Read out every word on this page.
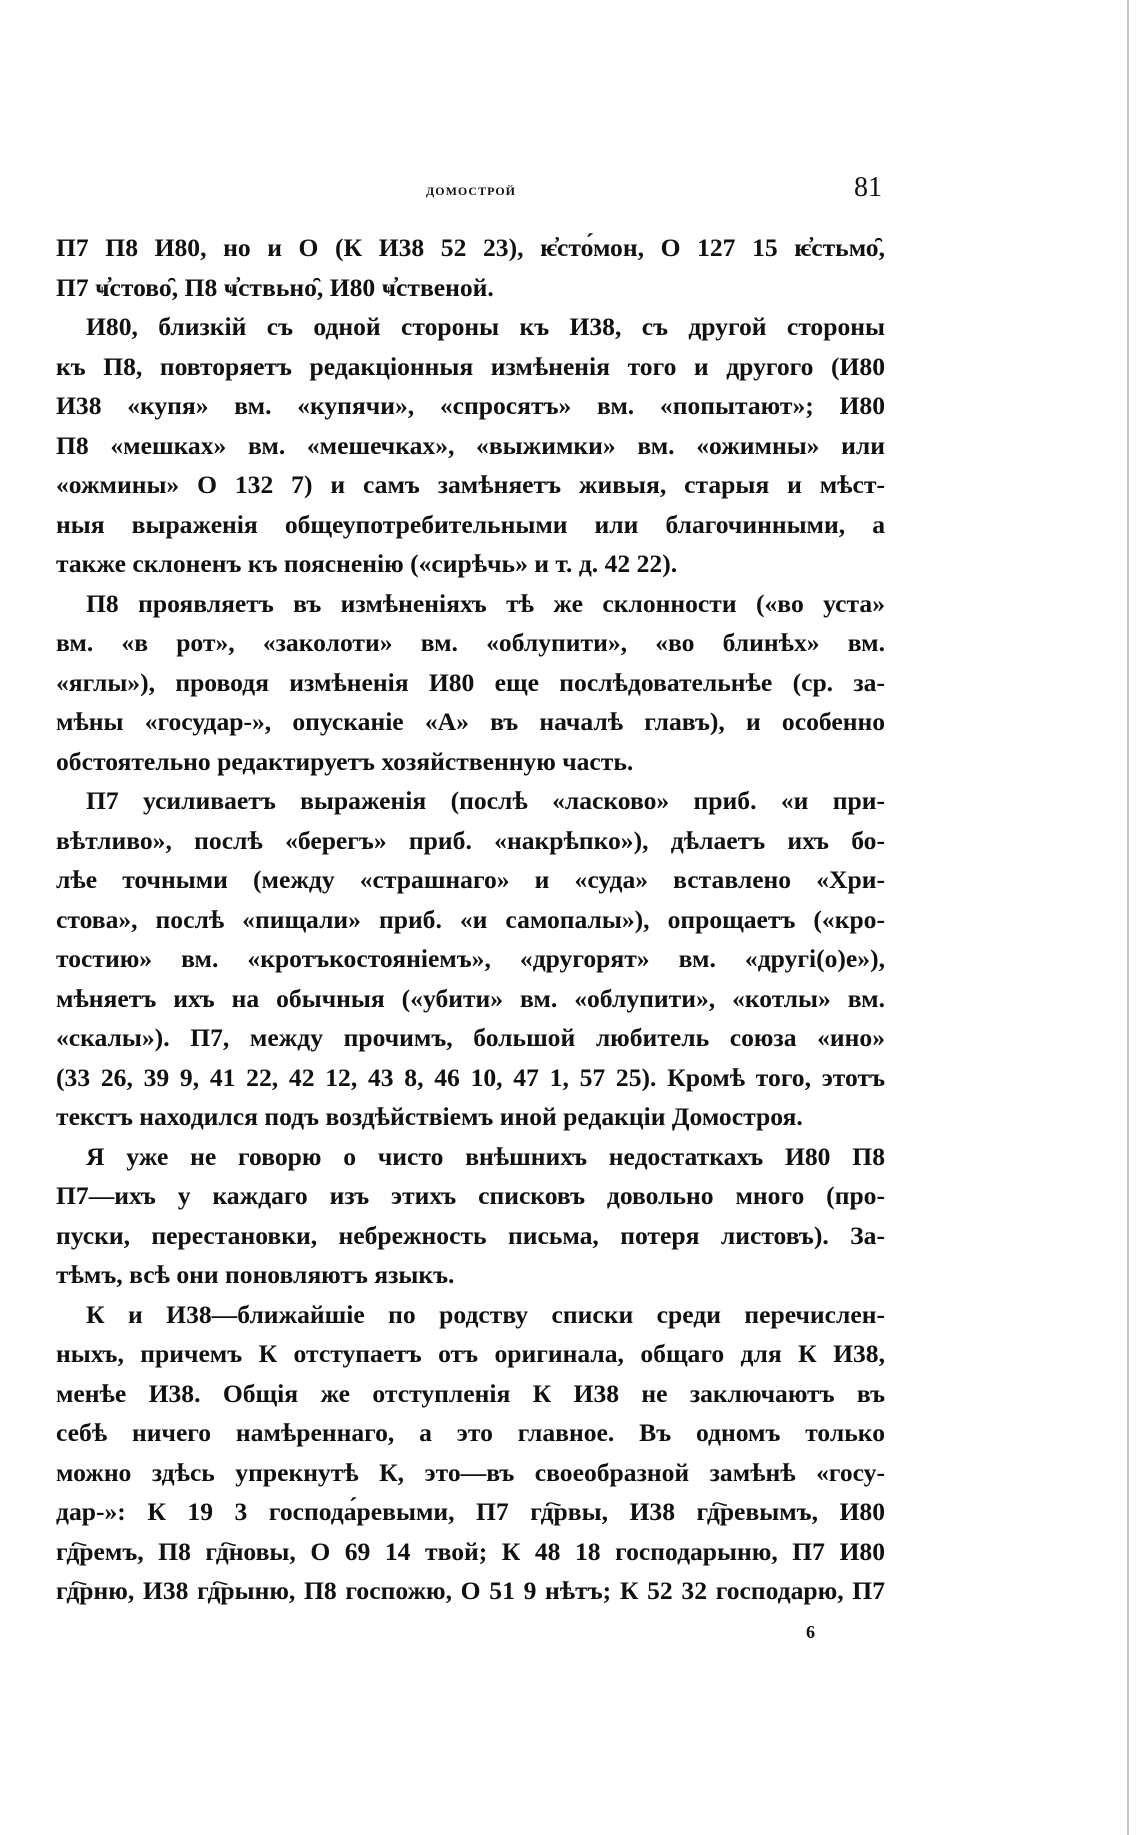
домострой	81
П7 П8 И80, но и О (К И38 52 23), ѥ҆сто́мон, О 127 15 ѥ҆стьмо̑,
П7 ҹ҆стово̑, П8 ҹ҆ствьно̑, И80 ҹ҆ственой.
И80, близкій съ одной стороны къ И38, съ другой стороны
къ П8, повторяетъ редакціонныя измѣненія того и другого (И80
И38 «купя» вм. «купячи», «спросятъ» вм. «попытают»; И80
П8 «мешках» вм. «мешечках», «выжимки» вм. «ожимны» или
«ожмины» О 132 7) и самъ замѣняетъ живыя, старыя и мѣст-
ныя выраженія общеупотребительными или благочинными, а
также склоненъ къ поясненію («сирѣчь» и т. д. 42 22).
П8 проявляетъ въ измѣненіяхъ тѣ же склонности («во уста»
вм. «в рот», «заколоти» вм. «облупити», «во блинѣх» вм.
«яглы»), проводя измѣненія И80 еще послѣдовательнѣе (ср. за-
мѣны «государ-», опусканіе «А» въ началѣ главъ), и особенно
обстоятельно редактируетъ хозяйственную часть.
П7 усиливаетъ выраженія (послѣ «ласково» приб. «и при-
вѣтливо», послѣ «берегъ» приб. «накрѣпко»), дѣлаетъ ихъ бо-
лѣе точными (между «страшнаго» и «суда» вставлено «Хри-
стова», послѣ «пищали» приб. «и самопалы»), опрощаетъ («кро-
тостию» вм. «кротъкостояніемъ», «другорят» вм. «другі(о)е»),
мѣняетъ ихъ на обычныя («убити» вм. «облупити», «котлы» вм.
«скалы»). П7, между прочимъ, большой любитель союза «ино»
(33 26, 39 9, 41 22, 42 12, 43 8, 46 10, 47 1, 57 25). Кромѣ того, этотъ
текстъ находился подъ воздѣйствіемъ иной редакціи Домостроя.
Я уже не говорю о чисто внѣшнихъ недостаткахъ И80 П8
П7—ихъ у каждаго изъ этихъ списковъ довольно много (про-
пуски, перестановки, небрежность письма, потеря листовъ). За-
тѣмъ, всѣ они поновляютъ языкъ.
К и И38—ближайшіе по родству списки среди перечислен-
ныхъ, причемъ К отступаетъ отъ оригинала, общаго для К И38,
менѣе И38. Общія же отступленія К И38 не заключаютъ въ
себѣ ничего намѣреннаго, а это главное. Въ одномъ только
можно здѣсь упрекнутѣ К, это—въ своеобразной замѣнѣ «госу-
дар-»: К 19 3 господа́ревыми, П7 гд҇рвы, И38 гд҇ревымъ, И80
гд҇ремъ, П8 гд҇новы, О 69 14 твой; К 48 18 господарыню, П7 И80
гд҇рню, И38 гд҇рыню, П8 госпожю, О 51 9 нѣтъ; К 52 32 господарю, П7
6
